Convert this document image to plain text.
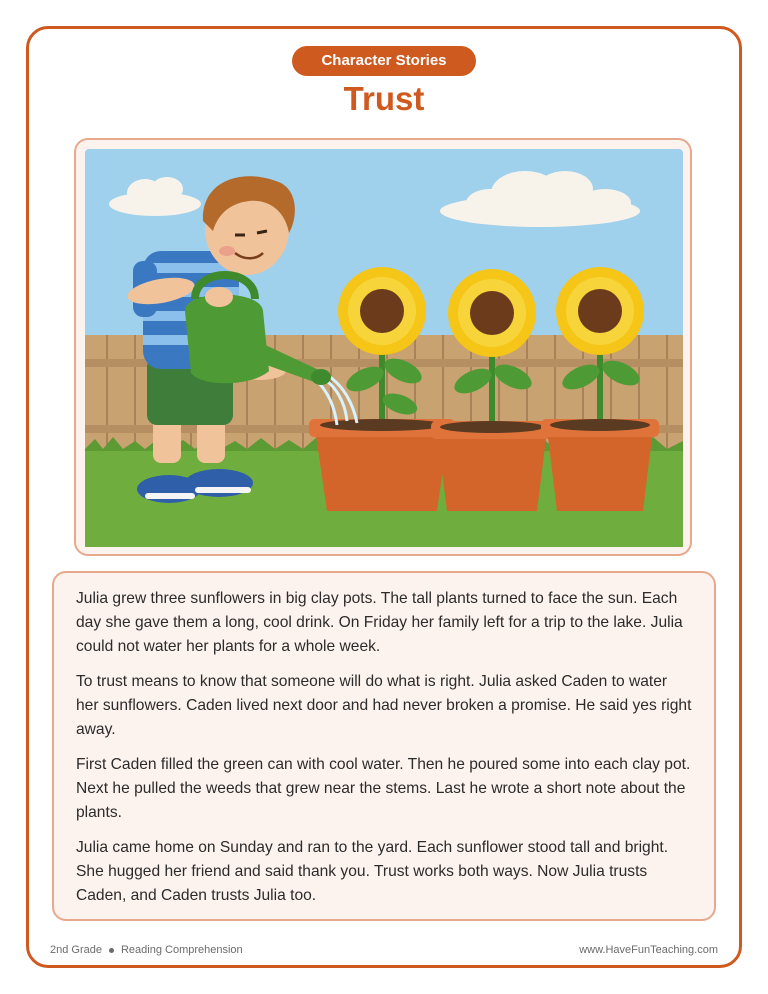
Character Stories
Trust

Julia grew three sunflowers in big clay pots. The tall plants turned to face the sun. Each day she gave them a long, cool drink. On Friday her family left for a trip to the lake. Julia could not water her plants for a whole week.

To trust means to know that someone will do what is right. Julia asked Caden to water her sunflowers. Caden lived next door and had never broken a promise. He said yes right away.

First Caden filled the green can with cool water. Then he poured some into each clay pot. Next he pulled the weeds that grew near the stems. Last he wrote a short note about the plants.

Julia came home on Sunday and ran to the yard. Each sunflower stood tall and bright. She hugged her friend and said thank you. Trust works both ways. Now Julia trusts Caden, and Caden trusts Julia too.

2nd Grade Reading Comprehension	www.HaveFunTeaching.com
